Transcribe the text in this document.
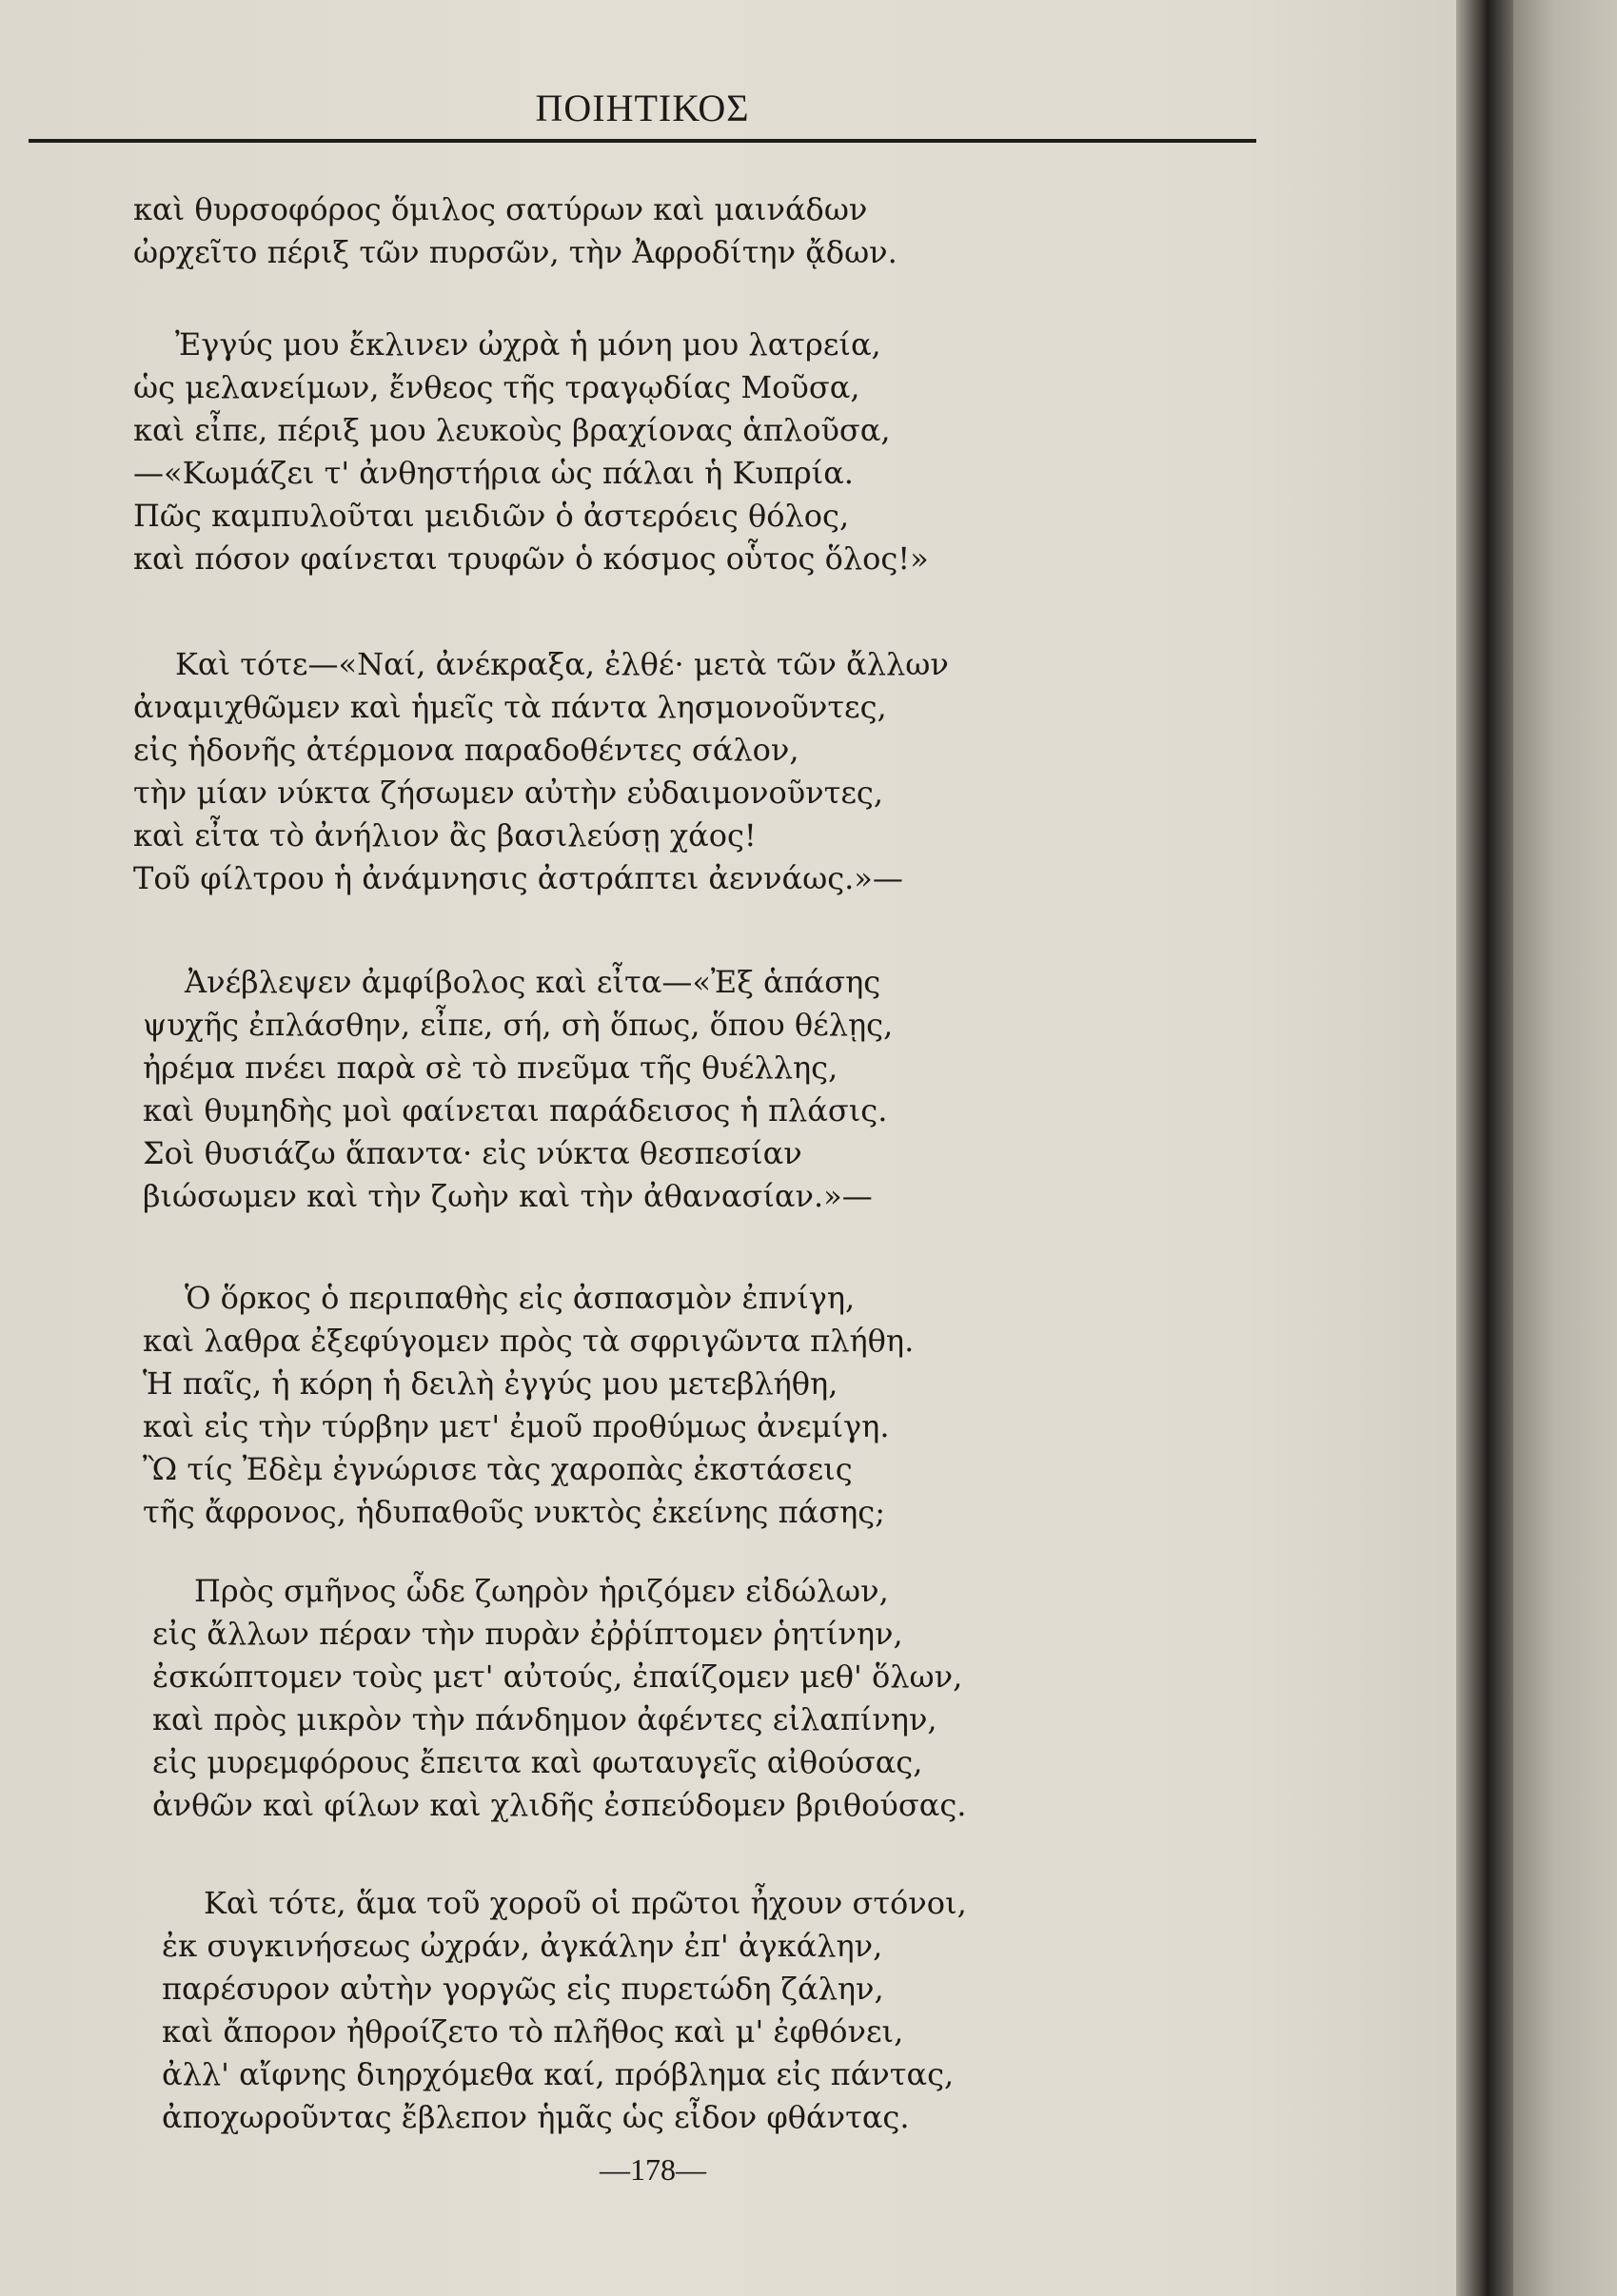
ΠΟΙΗΤΙΚΟΣ
καὶ θυρσοφόρος ὅμιλος σατύρων καὶ μαινάδων
ὠρχεῖτο πέριξ τῶν πυρσῶν, τὴν Ἀφροδίτην ᾄδων.
Ἐγγύς μου ἔκλινεν ὠχρὰ ἡ μόνη μου λατρεία,
ὡς μελανείμων, ἔνθεος τῆς τραγῳδίας Μοῦσα,
καὶ εἶπε, πέριξ μου λευκοὺς βραχίονας ἁπλοῦσα,
—«Κωμάζει τ' ἀνθηστήρια ὡς πάλαι ἡ Κυπρία.
Πῶς καμπυλοῦται μειδιῶν ὁ ἀστερόεις θόλος,
καὶ πόσον φαίνεται τρυφῶν ὁ κόσμος οὗτος ὅλος!»
Καὶ τότε—«Ναί, ἀνέκραξα, ἐλθέ· μετὰ τῶν ἄλλων
ἀναμιχθῶμεν καὶ ἡμεῖς τὰ πάντα λησμονοῦντες,
εἰς ἡδονῆς ἀτέρμονα παραδοθέντες σάλον,
τὴν μίαν νύκτα ζήσωμεν αὐτὴν εὐδαιμονοῦντες,
καὶ εἶτα τὸ ἀνήλιον ἂς βασιλεύσῃ χάος!
Τοῦ φίλτρου ἡ ἀνάμνησις ἀστράπτει ἀεννάως.»—
Ἀνέβλεψεν ἀμφίβολος καὶ εἶτα—«Ἐξ ἁπάσης
ψυχῆς ἐπλάσθην, εἶπε, σή, σὴ ὅπως, ὅπου θέλῃς,
ἠρέμα πνέει παρὰ σὲ τὸ πνεῦμα τῆς θυέλλης,
καὶ θυμηδὴς μοὶ φαίνεται παράδεισος ἡ πλάσις.
Σοὶ θυσιάζω ἅπαντα· εἰς νύκτα θεσπεσίαν
βιώσωμεν καὶ τὴν ζωὴν καὶ τὴν ἀθανασίαν.»—
Ὁ ὅρκος ὁ περιπαθὴς εἰς ἀσπασμὸν ἐπνίγη,
καὶ λαθρα ἐξεφύγομεν πρὸς τὰ σφριγῶντα πλήθη.
Ἡ παῖς, ἡ κόρη ἡ δειλὴ ἐγγύς μου μετεβλήθη,
καὶ εἰς τὴν τύρβην μετ' ἐμοῦ προθύμως ἀνεμίγη.
Ὢ τίς Ἐδὲμ ἐγνώρισε τὰς χαροπὰς ἐκστάσεις
τῆς ἄφρονος, ἡδυπαθοῦς νυκτὸς ἐκείνης πάσης;
Πρὸς σμῆνος ὧδε ζωηρὸν ἡριζόμεν εἰδώλων,
εἰς ἄλλων πέραν τὴν πυρὰν ἐῤῥίπτομεν ῥητίνην,
ἐσκώπτομεν τοὺς μετ' αὐτούς, ἐπαίζομεν μεθ' ὅλων,
καὶ πρὸς μικρὸν τὴν πάνδημον ἀφέντες εἰλαπίνην,
εἰς μυρεμφόρους ἔπειτα καὶ φωταυγεῖς αἰθούσας,
ἀνθῶν καὶ φίλων καὶ χλιδῆς ἐσπεύδομεν βριθούσας.
Καὶ τότε, ἅμα τοῦ χοροῦ οἱ πρῶτοι ἦχουν στόνοι,
ἐκ συγκινήσεως ὠχράν, ἀγκάλην ἐπ' ἀγκάλην,
παρέσυρον αὐτὴν γοργῶς εἰς πυρετώδη ζάλην,
καὶ ἄπορον ἠθροίζετο τὸ πλῆθος καὶ μ' ἐφθόνει,
ἀλλ' αἴφνης διηρχόμεθα καί, πρόβλημα εἰς πάντας,
ἀποχωροῦντας ἔβλεπον ἡμᾶς ὡς εἶδον φθάντας.
—178—
